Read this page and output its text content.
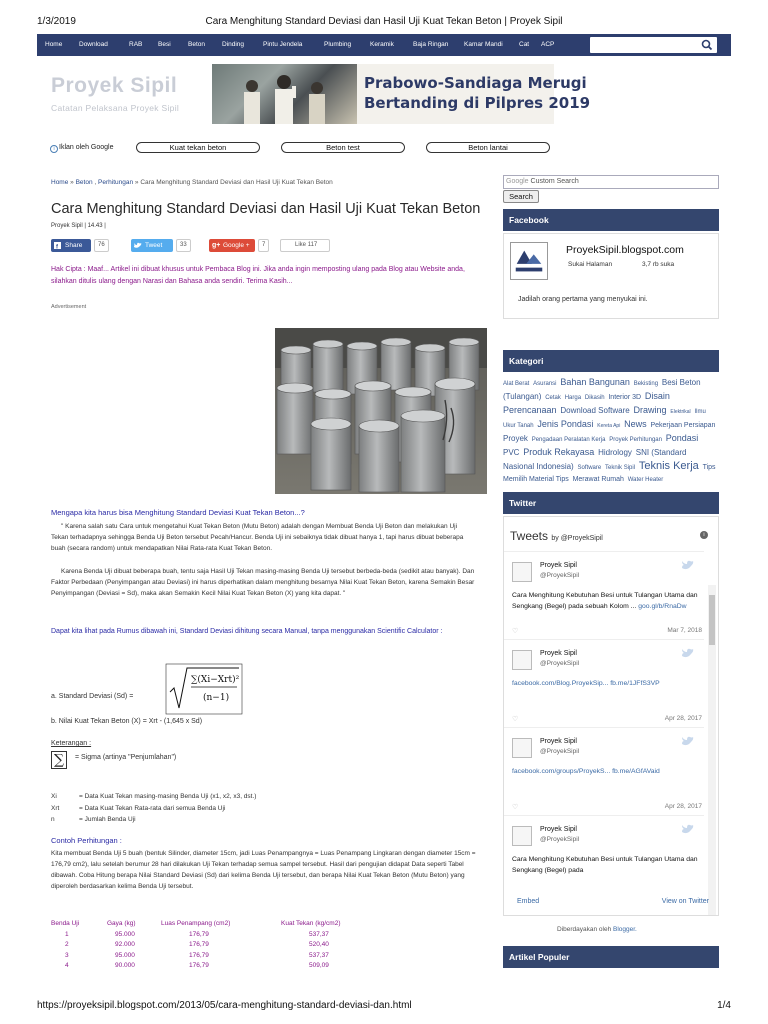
1/3/2019	Cara Menghitung Standard Deviasi dan Hasil Uji Kuat Tekan Beton | Proyek Sipil
Home	Download	RAB Besi	Beton	Dinding	Pintu Jendela	Plumbing	Keramik	Baja Ringan Kamar Mandi	Cat ACP
Proyek Sipil
Catatan Pelaksana Proyek Sipil
Prabowo-Sandiaga Merugi
Bertanding di Pilpres 2019
i Iklan oleh Google	Kuat tekan beton	Beton test	Beton lantai
Home » Beton , Perhitungan » Cara Menghitung Standard Deviasi dan Hasil Uji Kuat Tekan Beton
Cara Menghitung Standard Deviasi dan Hasil Uji Kuat Tekan Beton
Proyek Sipil | 14.43 |
Share
f	76	Tweet	33	Google +
g+	7	Like 117

Hak Cipta : Maaf... Artikel ini dibuat khusus untuk Pembaca Blog ini. Jika anda ingin memposting ulang pada Blog atau Website anda, silahkan ditulis ulang dengan Narasi dan Bahasa anda sendiri. Terima Kasih...

Advertisement
Mengapa kita harus bisa Menghitung Standard Deviasi Kuat Tekan Beton...?

" Karena salah satu Cara untuk mengetahui Kuat Tekan Beton (Mutu Beton) adalah dengan Membuat Benda Uji Beton dan melakukan Uji Tekan terhadapnya sehingga Benda Uji Beton tersebut Pecah/Hancur. Benda Uji ini sebaiknya tidak dibuat hanya 1, tapi harus dibuat beberapa buah (secara random) untuk mendapatkan Nilai Rata-rata Kuat Tekan Beton.

Karena Benda Uji dibuat beberapa buah, tentu saja Hasil Uji Tekan masing-masing Benda Uji tersebut berbeda-beda (sedikit atau banyak). Dan Faktor Perbedaan (Penyimpangan atau Deviasi) ini harus diperhatikan dalam menghitung besarnya Nilai Kuat Tekan Beton, karena Semakin Besar Penyimpangan (Deviasi = Sd), maka akan Semakin Kecil Nilai Kuat Tekan Beton (X) yang kita dapat. "

Dapat kita lihat pada Rumus dibawah ini, Standard Deviasi dihitung secara Manual, tanpa menggunakan Scientific Calculator :

a. Standard Deviasi (Sd) =
∑(Xi−Xrt)²
(n−1)
b. Nilai Kuat Tekan Beton (X) = Xrt - (1,645 x Sd)
Keterangan :
∑	= Sigma (artinya "Penjumlahan")
Xi	= Data Kuat Tekan masing-masing Benda Uji (x1, x2, x3, dst.)
Xrt	= Data Kuat Tekan Rata-rata dari semua Benda Uji
n	= Jumlah Benda Uji
Contoh Perhitungan :

Kita membuat Benda Uji 5 buah (bentuk Silinder, diameter 15cm, jadi Luas Penampangnya = Luas Penampang Lingkaran dengan diameter 15cm = 176,79 cm2), lalu setelah berumur 28 hari dilakukan Uji Tekan terhadap semua sampel tersebut. Hasil dari pengujian didapat Data seperti Tabel dibawah. Coba Hitung berapa Nilai Standard Deviasi (Sd) dari kelima Benda Uji tersebut, dan berapa Nilai Kuat Tekan Beton (Mutu Beton) yang diperoleh berdasarkan kelima Benda Uji tersebut.

Benda Uji	Gaya (kg)	Luas Penampang (cm2)	Kuat Tekan (kg/cm2)
1	95.000	176,79	537,37
2	92.000	176,79	520,40
3	95.000	176,79	537,37
4	90.000	176,79	509,09
Google Custom Search
Search
Facebook
ProyekSipil.blogspot.com
Sukai Halaman	3,7 rb suka
Jadilah orang pertama yang menyukai ini.
Kategori
Alat Berat Asuransi Bahan Bangunan Bekisting Besi Beton (Tulangan) Cetak Harga Dikasih Interior 3D Disain Perencanaan Download Software Drawing Elektrikal Ilmu Ukur Tanah Jenis Pondasi Kereta Api News Pekerjaan Persiapan Proyek Pengadaan Peralatan Kerja Proyek Perhitungan Pondasi PVC Produk Rekayasa Hidrology SNI (Standard Nasional Indonesia) Software Teknik Sipil Teknis Kerja Tips Memilih Material Tips Merawat Rumah Water Heater
Twitter
Tweets by @ProyekSipil	i
Proyek Sipil
@ProyekSipil
Cara Menghitung Kebutuhan Besi untuk Tulangan Utama dan Sengkang (Begel) pada sebuah Kolom ... goo.gl/b/RnaDw
♡	Mar 7, 2018
Proyek Sipil
@ProyekSipil
facebook.com/Blog.ProyekSip... fb.me/1JFfS3VP
♡	Apr 28, 2017
Proyek Sipil
@ProyekSipil
facebook.com/groups/ProyekS... fb.me/AGfAVaid
♡	Apr 28, 2017
Proyek Sipil
@ProyekSipil
Cara Menghitung Kebutuhan Besi untuk Tulangan Utama dan Sengkang (Begel) pada
Embed	View on Twitter
Diberdayakan oleh Blogger.
Artikel Populer
https://proyeksipil.blogspot.com/2013/05/cara-menghitung-standard-deviasi-dan.html	1/4
